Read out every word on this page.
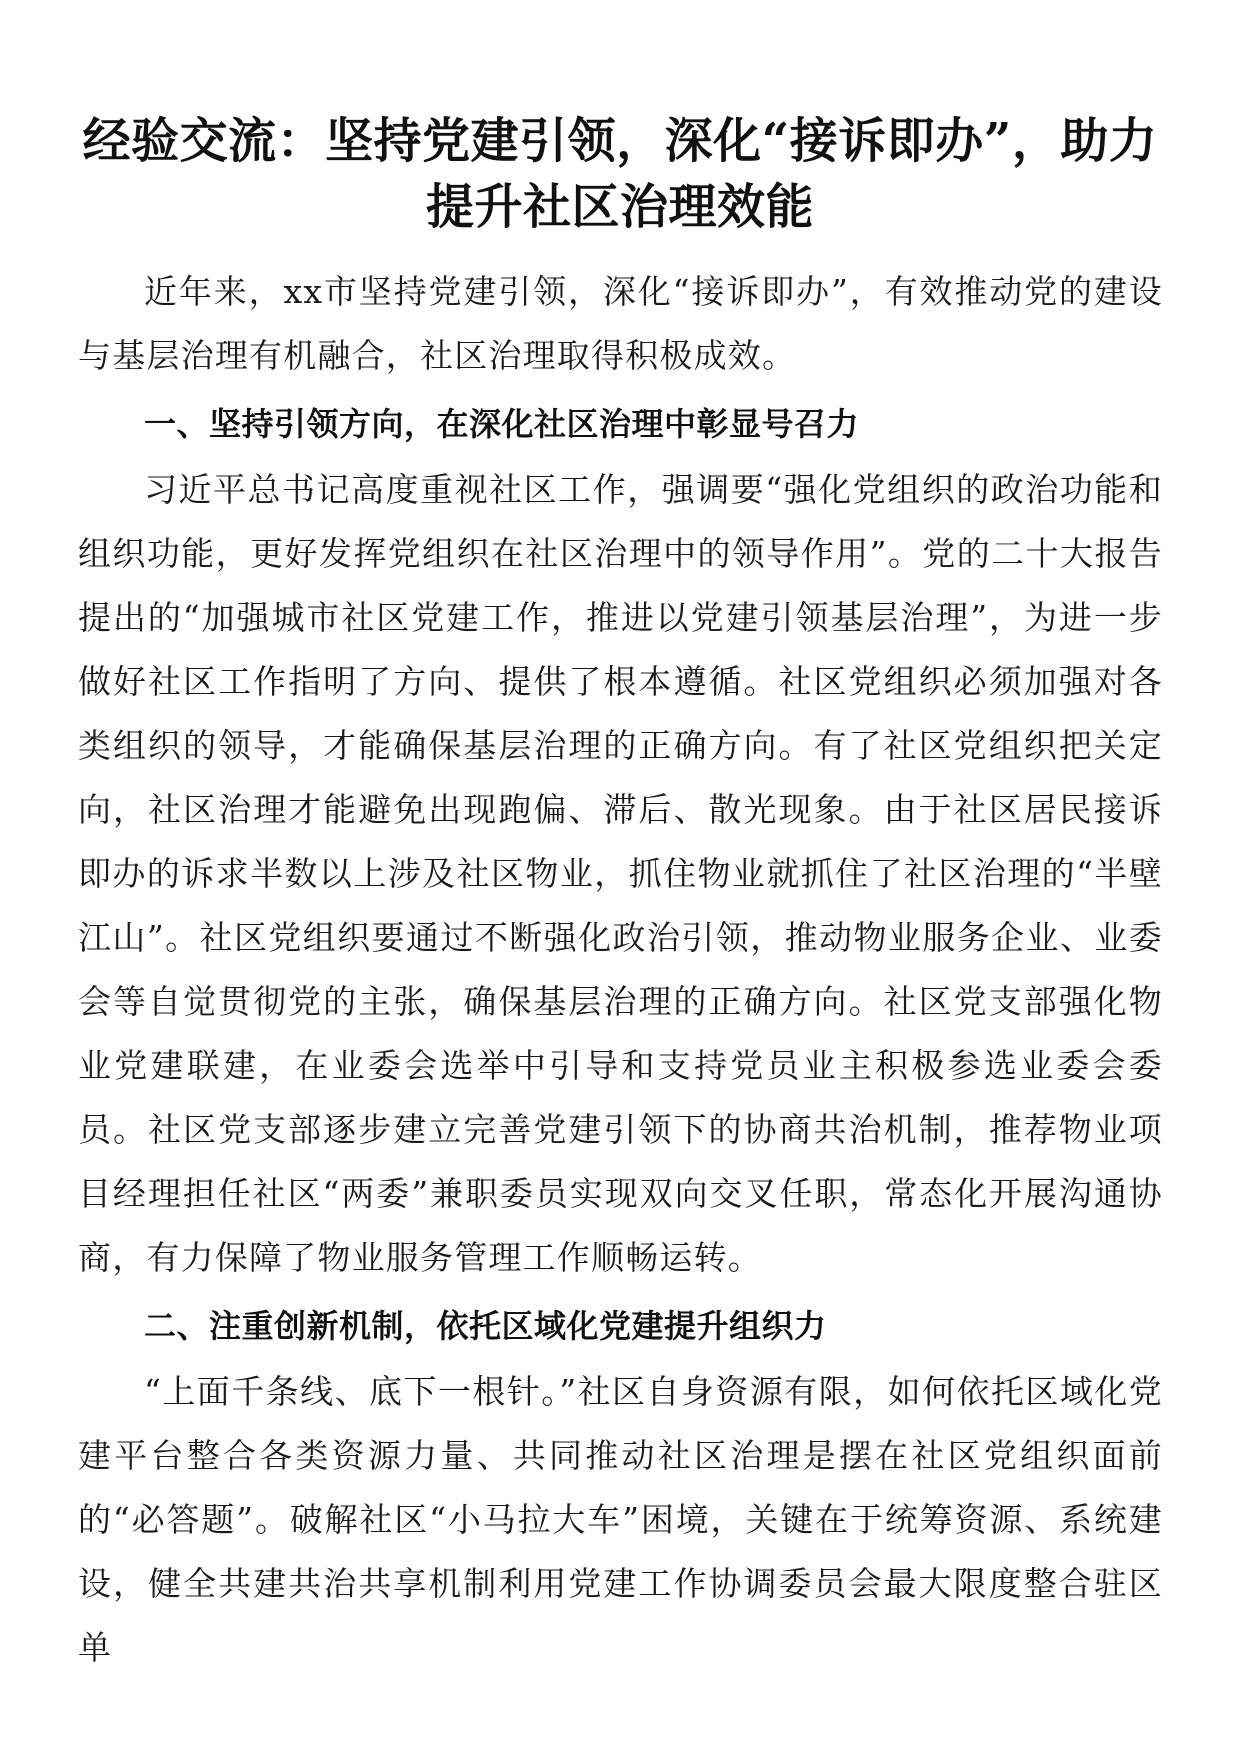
经验交流：坚持党建引领，深化“接诉即办”，助力提升社区治理效能

近年来，xx市坚持党建引领，深化“接诉即办”，有效推动党的建设与基层治理有机融合，社区治理取得积极成效。

一、坚持引领方向，在深化社区治理中彰显号召力

习近平总书记高度重视社区工作，强调要“强化党组织的政治功能和组织功能，更好发挥党组织在社区治理中的领导作用”。党的二十大报告提出的“加强城市社区党建工作，推进以党建引领基层治理”，为进一步做好社区工作指明了方向、提供了根本遵循。社区党组织必须加强对各类组织的领导，才能确保基层治理的正确方向。有了社区党组织把关定向，社区治理才能避免出现跑偏、滞后、散光现象。由于社区居民接诉即办的诉求半数以上涉及社区物业，抓住物业就抓住了社区治理的“半壁江山”。社区党组织要通过不断强化政治引领，推动物业服务企业、业委会等自觉贯彻党的主张，确保基层治理的正确方向。社区党支部强化物业党建联建，在业委会选举中引导和支持党员业主积极参选业委会委员。社区党支部逐步建立完善党建引领下的协商共治机制，推荐物业项目经理担任社区“两委”兼职委员实现双向交叉任职，常态化开展沟通协商，有力保障了物业服务管理工作顺畅运转。

二、注重创新机制，依托区域化党建提升组织力

“上面千条线、底下一根针。”社区自身资源有限，如何依托区域化党建平台整合各类资源力量、共同推动社区治理是摆在社区党组织面前的“必答题”。破解社区“小马拉大车”困境，关键在于统筹资源、系统建设，健全共建共治共享机制利用党建工作协调委员会最大限度整合驻区单
